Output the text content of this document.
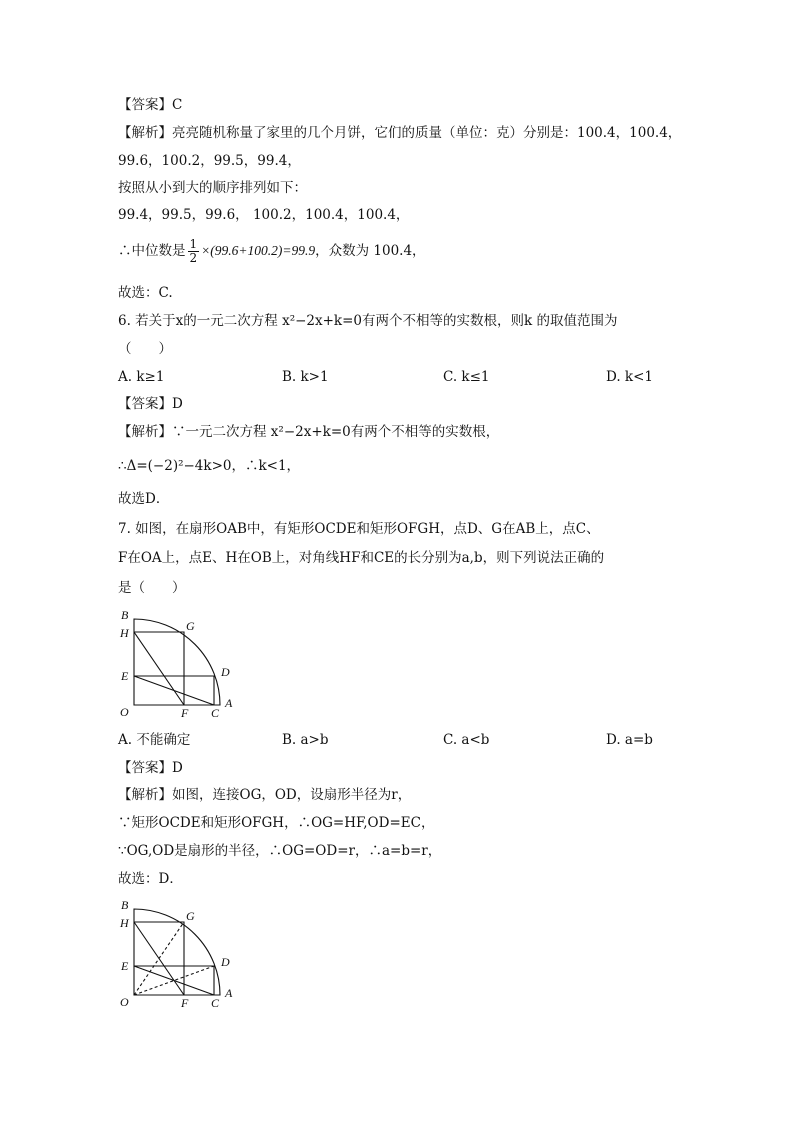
【答案】C
【解析】亮亮随机称量了家里的几个月饼，它们的质量（单位：克）分别是：100.4，100.4，
99.6，100.2，99.5，99.4，
按照从小到大的顺序排列如下：
99.4，99.5，99.6， 100.2，100.4，100.4，
∴中位数是 $\frac{1}{2} \times(99.6+100.2)=99.9$，众数为 100.4，
故选：C.
6. 若关于x的一元二次方程 x²−2x+k=0有两个不相等的实数根，则k 的取值范围为
（　　）
A. k≥1	B. k>1	C. k≤1	D. k<1
【答案】D
【解析】∵一元二次方程 x²−2x+k=0有两个不相等的实数根，
∴Δ=(−2)²−4k>0，∴k<1，
故选D．
7. 如图，在扇形OAB中，有矩形OCDE和矩形OFGH，点D、G在AB上，点C、
F在OA上，点E、H在OB上，对角线HF和CE的长分别为a,b，则下列说法正确的
是（　　）
B
H	G
E	D
O	F C
A
A. 不能确定	B. a>b	C. a<b	D. a=b
【答案】D
【解析】如图，连接OG，OD，设扇形半径为r，
∵矩形OCDE和矩形OFGH，∴OG=HF,OD=EC，
∵OG,OD是扇形的半径，∴OG=OD=r，∴a=b=r，
故选：D．
B
H	G
E	D
O	F C
A
